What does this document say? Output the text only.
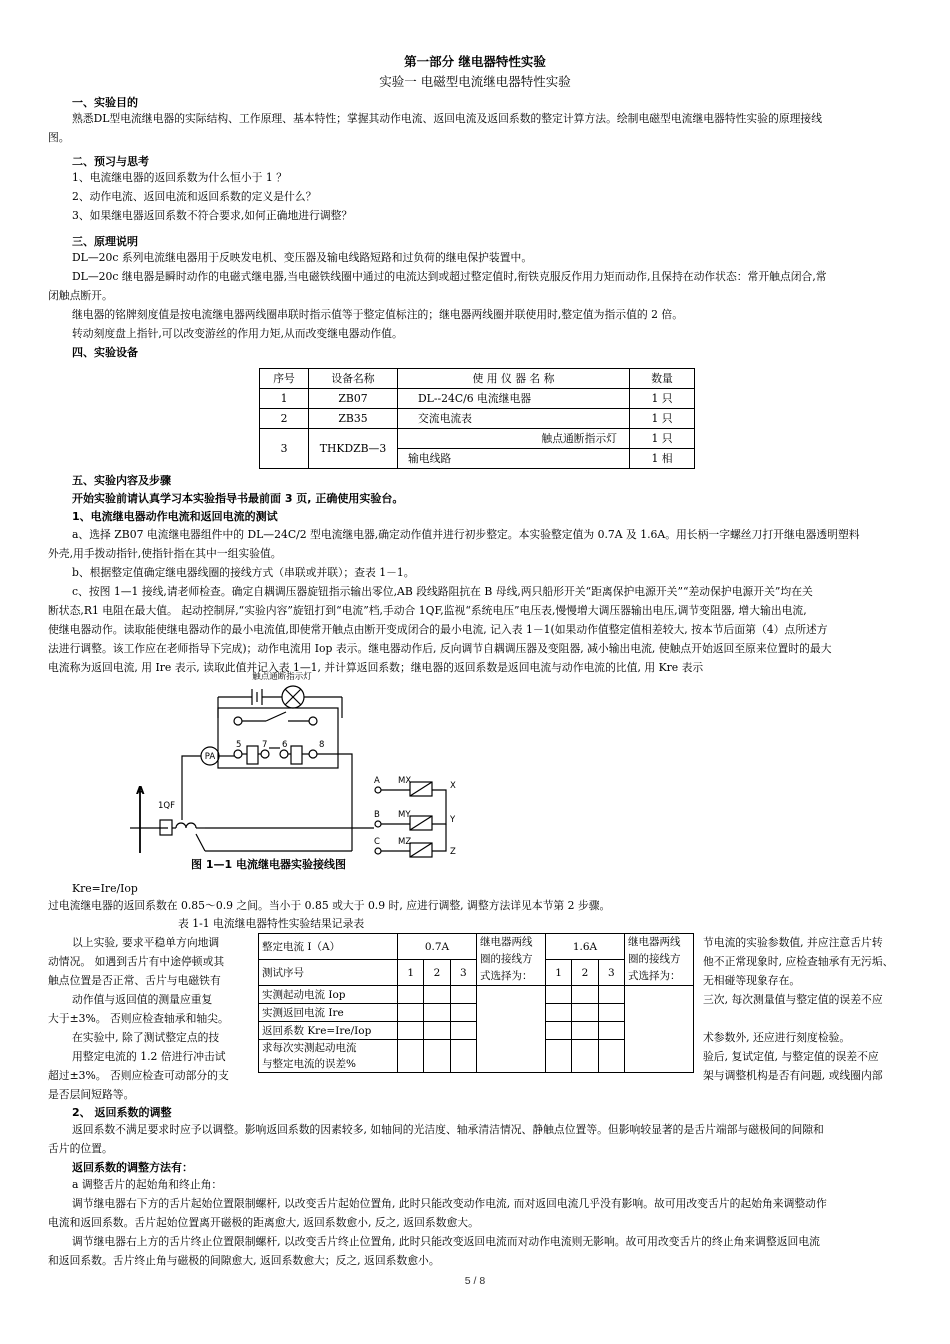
第一部分 继电器特性实验
实验一 电磁型电流继电器特性实验
一、实验目的
熟悉DL型电流继电器的实际结构、工作原理、基本特性；掌握其动作电流、返回电流及返回系数的整定计算方法。绘制电磁型电流继电器特性实验的原理接线
图。
二、预习与思考
1、电流继电器的返回系数为什么恒小于 1 ？
2、动作电流、返回电流和返回系数的定义是什么？
3、如果继电器返回系数不符合要求,如何正确地进行调整？
三、原理说明
DL—20c 系列电流继电器用于反映发电机、变压器及输电线路短路和过负荷的继电保护装置中。
DL—20c 继电器是瞬时动作的电磁式继电器,当电磁铁线圈中通过的电流达到或超过整定值时,衔铁克服反作用力矩而动作,且保持在动作状态：常开触点闭合,常
闭触点断开。
继电器的铭牌刻度值是按电流继电器两线圈串联时指示值等于整定值标注的；继电器两线圈并联使用时,整定值为指示值的 2 倍。
转动刻度盘上指针,可以改变游丝的作用力矩,从而改变继电器动作值。
四、实验设备
序号	设备名称	使 用 仪 器 名 称	数量
1	ZB07	DL--24C/6 电流继电器	1 只
2	ZB35	交流电流表	1 只
3	THKDZB—3	触点通断指示灯	1 只
		输电线路	1 相
五、实验内容及步骤
开始实验前请认真学习本实验指导书最前面 3 页, 正确使用实验台。
1、电流继电器动作电流和返回电流的测试
a、选择 ZB07 电流继电器组件中的 DL—24C/2 型电流继电器,确定动作值并进行初步整定。本实验整定值为 0.7A 及 1.6A。用长柄一字螺丝刀打开继电器透明塑料
外壳,用手拨动指针,使指针指在其中一组实验值。
b、根据整定值确定继电器线圈的接线方式（串联或并联）；查表 1－1。
c、按图 1—1 接线,请老师检查。确定自耦调压器旋钮指示输出零位,AB 段线路阻抗在 B 母线,两只船形开关“距离保护电源开关”“差动保护电源开关”均在关
断状态,R1 电阻在最大值。 起动控制屏,“实验内容”旋钮打到“电流”档,手动合 1QF,监视“系统电压”电压表,慢慢增大调压器输出电压,调节变阻器, 增大输出电流,
使继电器动作。读取能使继电器动作的最小电流值,即使常开触点由断开变成闭合的最小电流, 记入表 1－1(如果动作值整定值相差较大, 按本节后面第（4）点所述方
法进行调整。该工作应在老师指导下完成)；动作电流用 Iop 表示。继电器动作后, 反向调节自耦调压器及变阻器, 减小输出电流, 使触点开始返回至原来位置时的最大
电流称为返回电流, 用 Ire 表示, 读取此值并记入表 1—1, 并计算返回系数；继电器的返回系数是返回电流与动作电流的比值, 用 Kre 表示
触点通断指示灯
A
1QF
PA
5 7 6	8
A
B
C
MX
MY
MZ
X
Y
Z
图 1—1 电流继电器实验接线图
Kre=Ire/Iop
过电流继电器的返回系数在 0.85～0.9 之间。当小于 0.85 或大于 0.9 时, 应进行调整, 调整方法详见本节第 2 步骤。
表 1-1 电流继电器特性实验结果记录表
整定电流 I（A）	0.7A			继电器两线圈的接线方式选择为：	1.6A			继电器两线圈的接线方式选择为：
测试序号	1	2	3		1	2	3	
实测起动电流 Iop								
实测返回电流 Ire								
返回系数 Kre=Ire/Iop								
求每次实测起动电流
与整定电流的误差%								
以上实验, 要求平稳单方向地调
动情况。 如遇到舌片有中途停顿或其
触点位置是否正常、舌片与电磁铁有
动作值与返回值的测量应重复
大于±3%。 否则应检查轴承和轴尖。
在实验中, 除了测试整定点的技
用整定电流的 1.2 倍进行冲击试
超过±3%。 否则应检查可动部分的支
是否层间短路等。
节电流的实验参数值, 并应注意舌片转
他不正常现象时, 应检查轴承有无污垢、
无相碰等现象存在。
三次, 每次测量值与整定值的误差不应
术参数外, 还应进行刻度检验。
验后, 复试定值, 与整定值的误差不应
架与调整机构是否有问题, 或线圈内部
2、 返回系数的调整
返回系数不满足要求时应予以调整。影响返回系数的因素较多, 如轴间的光洁度、轴承清洁情况、静触点位置等。但影响较显著的是舌片端部与磁极间的间隙和
舌片的位置。
返回系数的调整方法有：
a 调整舌片的起始角和终止角：
调节继电器右下方的舌片起始位置限制螺杆, 以改变舌片起始位置角, 此时只能改变动作电流, 而对返回电流几乎没有影响。故可用改变舌片的起始角来调整动作
电流和返回系数。舌片起始位置离开磁极的距离愈大, 返回系数愈小, 反之, 返回系数愈大。
调节继电器右上方的舌片终止位置限制螺杆, 以改变舌片终止位置角, 此时只能改变返回电流而对动作电流则无影响。故可用改变舌片的终止角来调整返回电流
和返回系数。舌片终止角与磁极的间隙愈大, 返回系数愈大；反之, 返回系数愈小。
5 / 8
